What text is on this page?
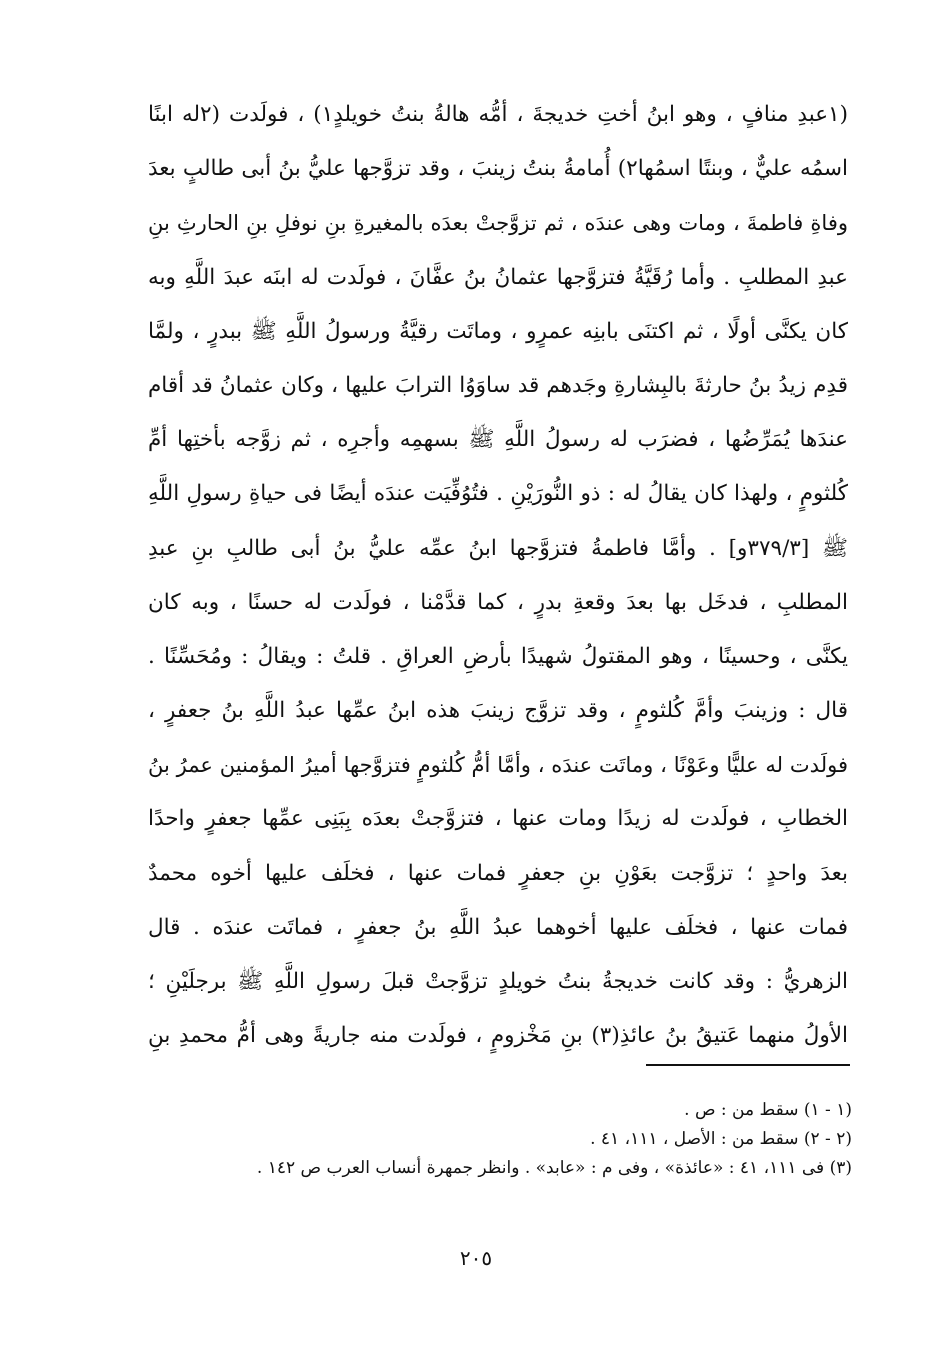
(١عبدِ منافٍ ، وهو ابنُ أختِ خديجةَ ، أمُّه هالةُ بنتُ خويلدٍ١) ، فولَدت (٢له ابنًا
اسمُه عليٌّ ، وبنتًا اسمُها٢) أُمامةُ بنتُ زينبَ ، وقد تزوَّجها عليُّ بنُ أبى طالبٍ بعدَ
وفاةِ فاطمةَ ، ومات وهى عندَه ، ثم تزوَّجتْ بعدَه بالمغيرةِ بنِ نوفلِ بنِ الحارثِ بنِ
عبدِ المطلبِ . وأما رُقَيَّةُ فتزوَّجها عثمانُ بنُ عفَّانَ ، فولَدت له ابنَه عبدَ اللَّهِ وبه
كان يكنَّى أولًا ، ثم اكتنَى بابنِه عمرٍو ، وماتَت رقيَّةُ ورسولُ اللَّهِ ﷺ ببدرٍ ، ولمَّا
قدِم زيدُ بنُ حارثةَ بالبِشارةِ وجَدهم قد ساوَوُا الترابَ عليها ، وكان عثمانُ قد أقام
عندَها يُمَرِّضُها ، فضرَب له رسولُ اللَّهِ ﷺ بسهمِه وأجرِه ، ثم زوَّجه بأختِها أمِّ
كُلثومٍ ، ولهذا كان يقالُ له : ذو النُّورَيْنِ . فتُوُفِّيَت عندَه أيضًا فى حياةِ رسولِ اللَّهِ
ﷺ [٣٧٩/٣و] . وأمَّا فاطمةُ فتزوَّجها ابنُ عمِّه عليُّ بنُ أبى طالبِ بنِ عبدِ
المطلبِ ، فدخَل بها بعدَ وقعةِ بدرٍ ، كما قدَّمْنا ، فولَدت له حسنًا ، وبه كان
يكنَّى ، وحسينًا ، وهو المقتولُ شهيدًا بأرضِ العراقِ . قلتُ : ويقالُ : ومُحَسِّنًا .
قال : وزينبَ وأمَّ كُلثومٍ ، وقد تزوَّج زينبَ هذه ابنُ عمِّها عبدُ اللَّهِ بنُ جعفرٍ ،
فولَدت له عليًّا وعَوْنًا ، وماتَت عندَه ، وأمَّا أمُّ كُلثومٍ فتزوَّجها أميرُ المؤمنين عمرُ بنُ
الخطابِ ، فولَدت له زيدًا ومات عنها ، فتزوَّجتْ بعدَه بِبَنِى عمِّها جعفرٍ واحدًا
بعدَ واحدٍ ؛ تزوَّجت بعَوْنِ بنِ جعفرٍ فمات عنها ، فخلَف عليها أخوه محمدٌ
فمات عنها ، فخلَف عليها أخوهما عبدُ اللَّهِ بنُ جعفرٍ ، فماتَت عندَه . قال
الزهريُّ : وقد كانت خديجةُ بنتُ خويلدٍ تزوَّجتْ قبلَ رسولِ اللَّهِ ﷺ برجلَيْنِ ؛
الأولُ منهما عَتيقُ بنُ عائذِ(٣) بنِ مَخْزومٍ ، فولَدت منه جاريةً وهى أمُّ محمدِ بنِ
(١ - ١) سقط من : ص .
(٢ - ٢) سقط من : الأصل ، ١١١، ٤١ .
(٣) فى ١١١، ٤١ : «عائذة» ، وفى م : «عابد» . وانظر جمهرة أنساب العرب ص ١٤٢ .
٢٠٥
